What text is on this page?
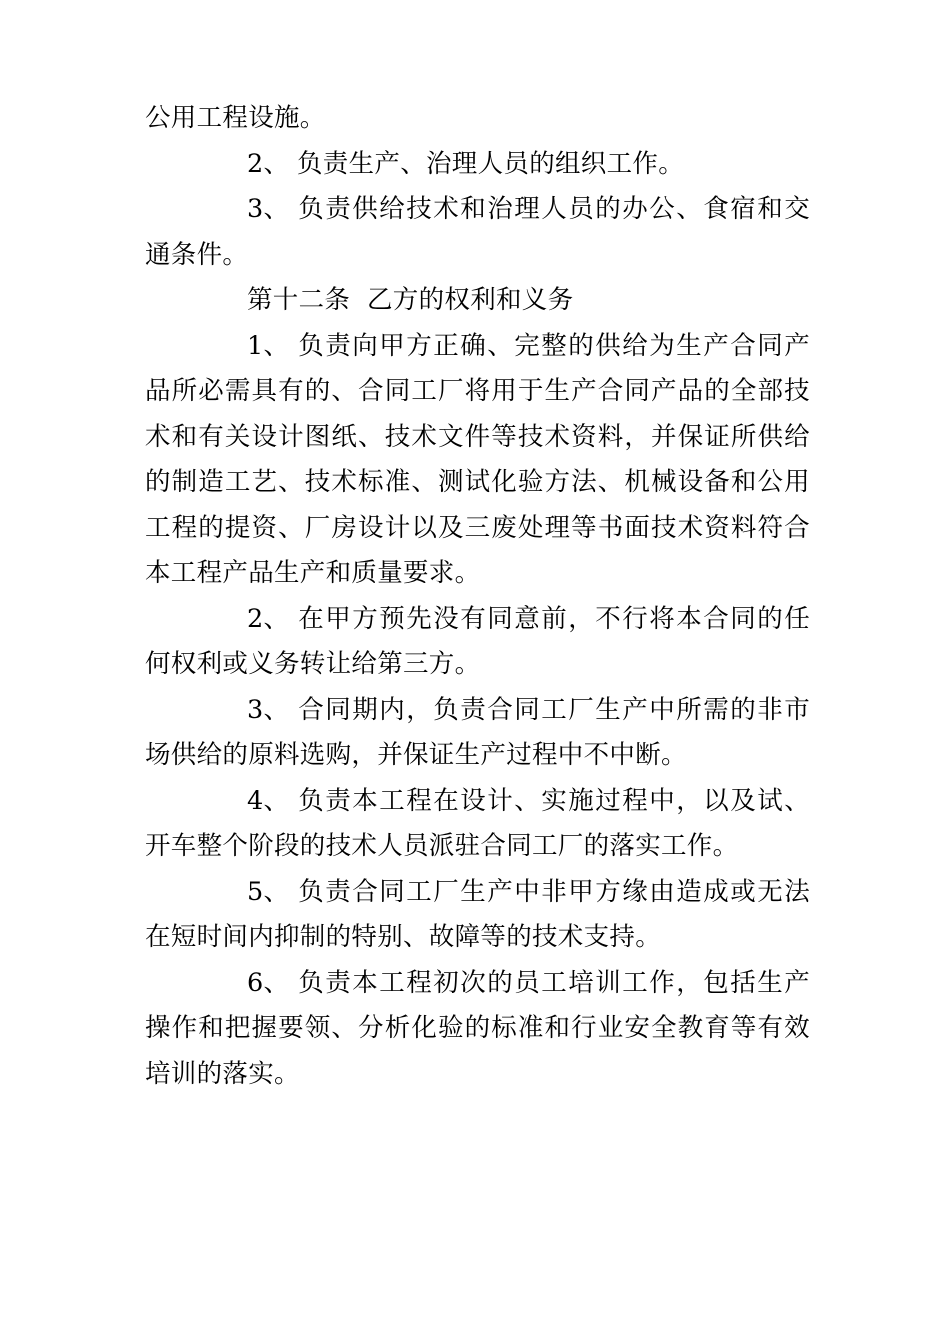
公用工程设施。

2、 负责生产、治理人员的组织工作。

3、 负责供给技术和治理人员的办公、食宿和交通条件。

第十二条  乙方的权利和义务

1、 负责向甲方正确、完整的供给为生产合同产品所必需具有的、合同工厂将用于生产合同产品的全部技术和有关设计图纸、技术文件等技术资料，并保证所供给的制造工艺、技术标准、测试化验方法、机械设备和公用工程的提资、厂房设计以及三废处理等书面技术资料符合本工程产品生产和质量要求。

2、 在甲方预先没有同意前，不行将本合同的任何权利或义务转让给第三方。

3、 合同期内，负责合同工厂生产中所需的非市场供给的原料选购，并保证生产过程中不中断。

4、 负责本工程在设计、实施过程中，以及试、开车整个阶段的技术人员派驻合同工厂的落实工作。

5、 负责合同工厂生产中非甲方缘由造成或无法在短时间内抑制的特别、故障等的技术支持。

6、 负责本工程初次的员工培训工作，包括生产操作和把握要领、分析化验的标准和行业安全教育等有效培训的落实。
